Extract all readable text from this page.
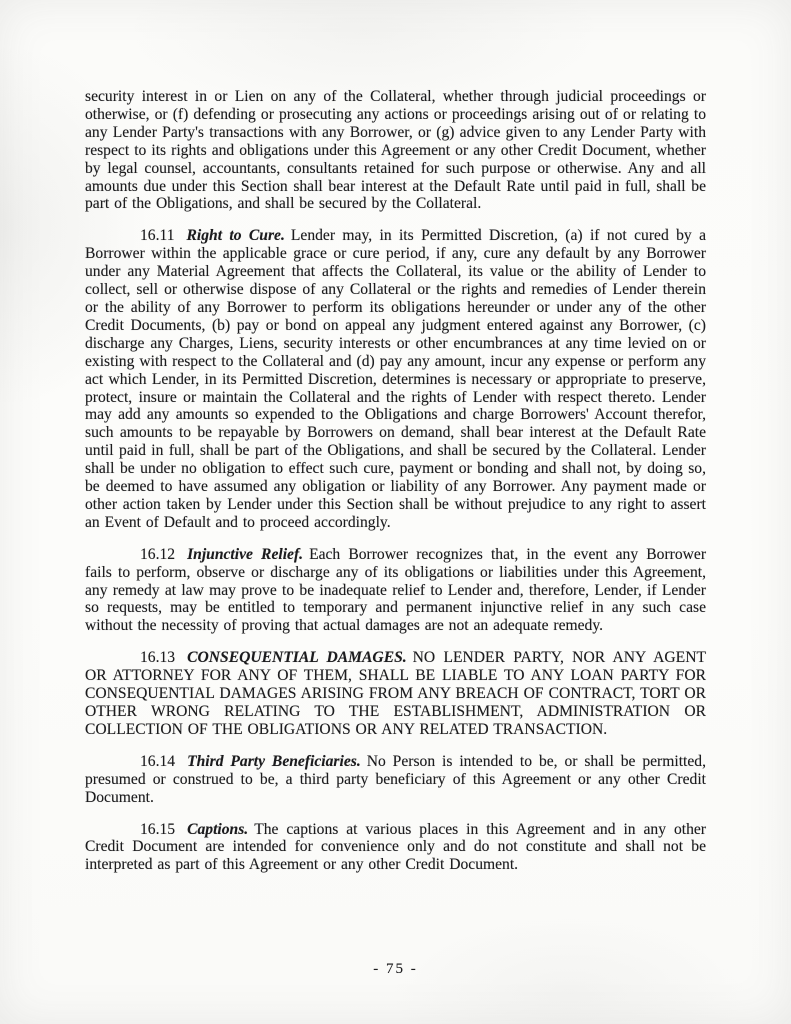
security interest in or Lien on any of the Collateral, whether through judicial proceedings or otherwise, or (f) defending or prosecuting any actions or proceedings arising out of or relating to any Lender Party's transactions with any Borrower, or (g) advice given to any Lender Party with respect to its rights and obligations under this Agreement or any other Credit Document, whether by legal counsel, accountants, consultants retained for such purpose or otherwise. Any and all amounts due under this Section shall bear interest at the Default Rate until paid in full, shall be part of the Obligations, and shall be secured by the Collateral.

16.11 Right to Cure. Lender may, in its Permitted Discretion, (a) if not cured by a Borrower within the applicable grace or cure period, if any, cure any default by any Borrower under any Material Agreement that affects the Collateral, its value or the ability of Lender to collect, sell or otherwise dispose of any Collateral or the rights and remedies of Lender therein or the ability of any Borrower to perform its obligations hereunder or under any of the other Credit Documents, (b) pay or bond on appeal any judgment entered against any Borrower, (c) discharge any Charges, Liens, security interests or other encumbrances at any time levied on or existing with respect to the Collateral and (d) pay any amount, incur any expense or perform any act which Lender, in its Permitted Discretion, determines is necessary or appropriate to preserve, protect, insure or maintain the Collateral and the rights of Lender with respect thereto. Lender may add any amounts so expended to the Obligations and charge Borrowers' Account therefor, such amounts to be repayable by Borrowers on demand, shall bear interest at the Default Rate until paid in full, shall be part of the Obligations, and shall be secured by the Collateral. Lender shall be under no obligation to effect such cure, payment or bonding and shall not, by doing so, be deemed to have assumed any obligation or liability of any Borrower. Any payment made or other action taken by Lender under this Section shall be without prejudice to any right to assert an Event of Default and to proceed accordingly.

16.12 Injunctive Relief. Each Borrower recognizes that, in the event any Borrower fails to perform, observe or discharge any of its obligations or liabilities under this Agreement, any remedy at law may prove to be inadequate relief to Lender and, therefore, Lender, if Lender so requests, may be entitled to temporary and permanent injunctive relief in any such case without the necessity of proving that actual damages are not an adequate remedy.

16.13 CONSEQUENTIAL DAMAGES. NO LENDER PARTY, NOR ANY AGENT OR ATTORNEY FOR ANY OF THEM, SHALL BE LIABLE TO ANY LOAN PARTY FOR CONSEQUENTIAL DAMAGES ARISING FROM ANY BREACH OF CONTRACT, TORT OR OTHER WRONG RELATING TO THE ESTABLISHMENT, ADMINISTRATION OR COLLECTION OF THE OBLIGATIONS OR ANY RELATED TRANSACTION.

16.14 Third Party Beneficiaries. No Person is intended to be, or shall be permitted, presumed or construed to be, a third party beneficiary of this Agreement or any other Credit Document.

16.15 Captions. The captions at various places in this Agreement and in any other Credit Document are intended for convenience only and do not constitute and shall not be interpreted as part of this Agreement or any other Credit Document.

- 75 -
